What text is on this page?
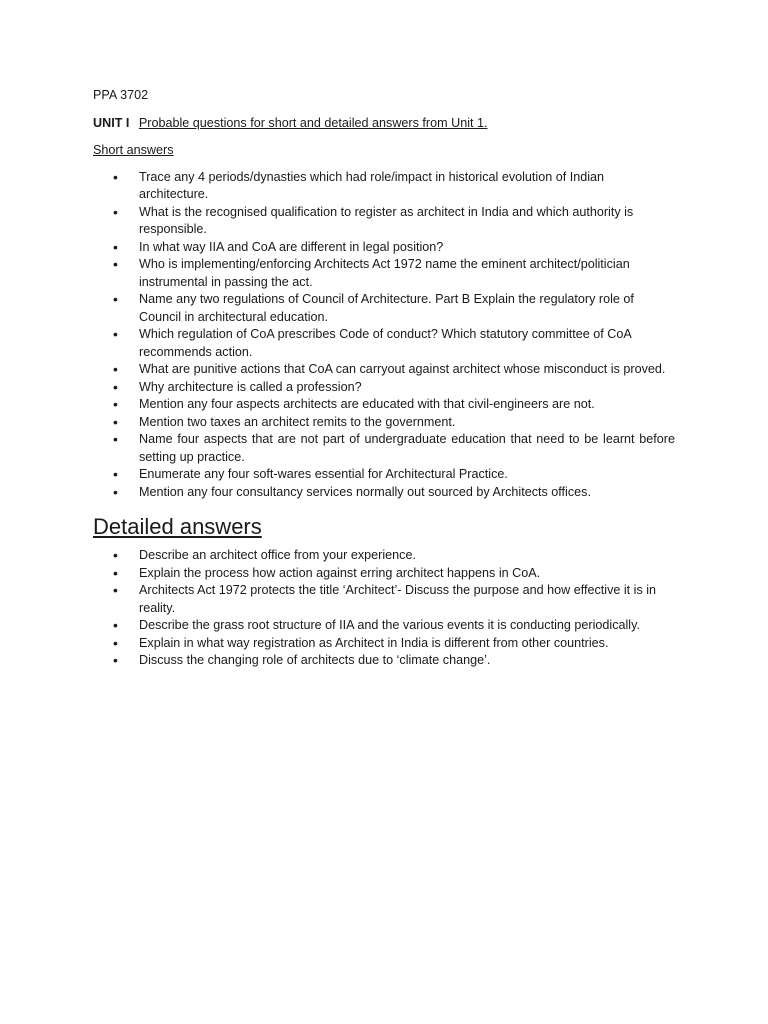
PPA 3702
UNIT I Probable questions for short and detailed answers from Unit 1.
Short answers
• Trace any 4 periods/dynasties which had role/impact in historical evolution of Indian architecture.
• What is the recognised qualification to register as architect in India and which authority is responsible.
• In what way IIA and CoA are different in legal position?
• Who is implementing/enforcing Architects Act 1972 name the eminent architect/politician instrumental in passing the act.
• Name any two regulations of Council of Architecture. Part B Explain the regulatory role of Council in architectural education.
• Which regulation of CoA prescribes Code of conduct? Which statutory committee of CoA recommends action.
• What are punitive actions that CoA can carryout against architect whose misconduct is proved.
• Why architecture is called a profession?
• Mention any four aspects architects are educated with that civil-engineers are not.
• Mention two taxes an architect remits to the government.
• Name four aspects that are not part of undergraduate education that need to be learnt before setting up practice.
• Enumerate any four soft-wares essential for Architectural Practice.
• Mention any four consultancy services normally out sourced by Architects offices.
Detailed answers
• Describe an architect office from your experience.
• Explain the process how action against erring architect happens in CoA.
• Architects Act 1972 protects the title ‘Architect’- Discuss the purpose and how effective it is in reality.
• Describe the grass root structure of IIA and the various events it is conducting periodically.
• Explain in what way registration as Architect in India is different from other countries.
• Discuss the changing role of architects due to ‘climate change’.
